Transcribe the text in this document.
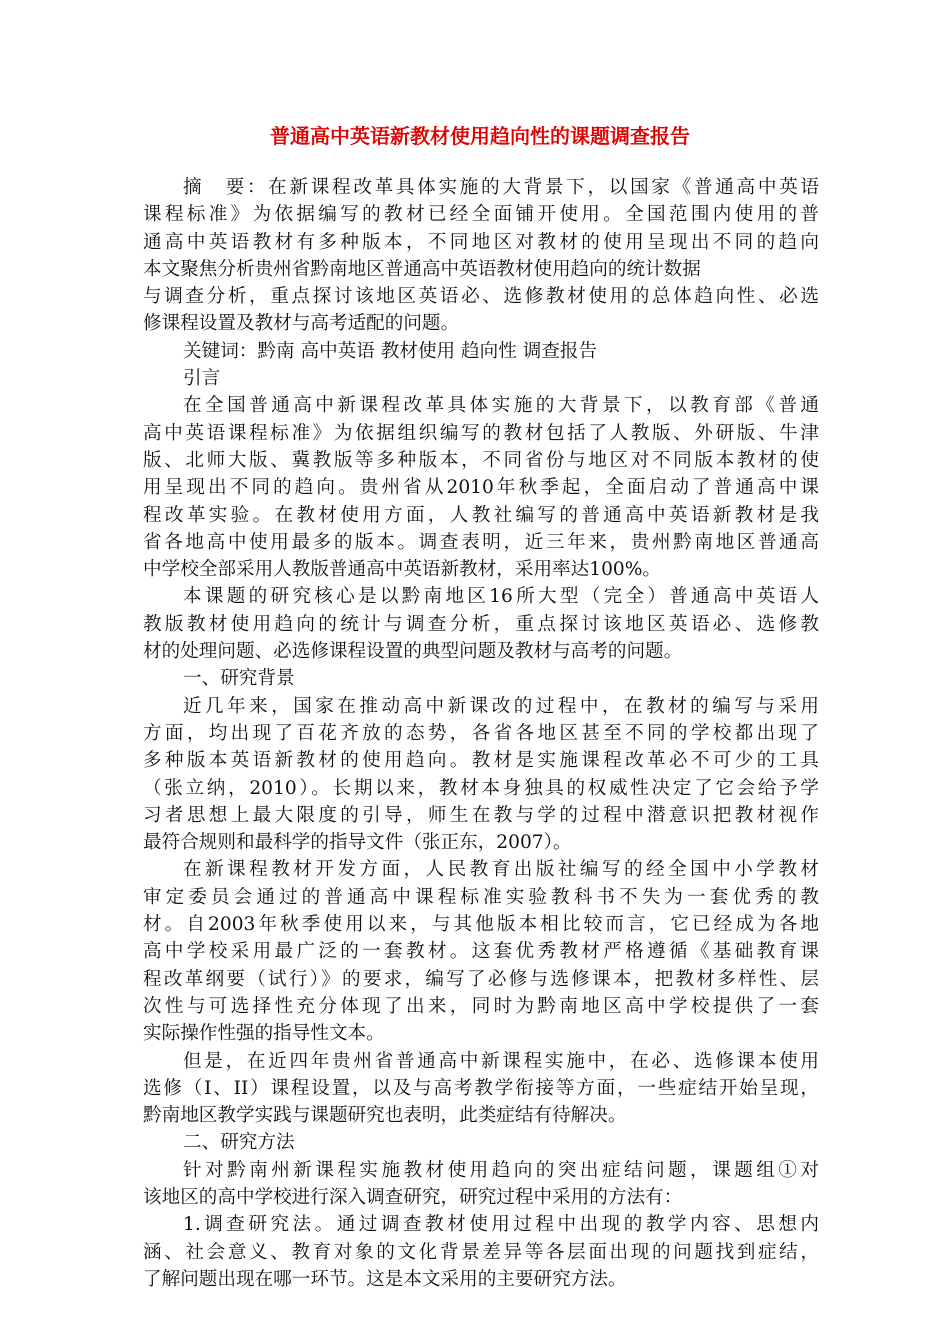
普通高中英语新教材使用趋向性的课题调查报告
摘　要：在新课程改革具体实施的大背景下，以国家《普通高中英语
课程标准》为依据编写的教材已经全面铺开使用。全国范围内使用的普
通高中英语教材有多种版本，不同地区对教材的使用呈现出不同的趋向
本文聚焦分析贵州省黔南地区普通高中英语教材使用趋向的统计数据
与调查分析，重点探讨该地区英语必、选修教材使用的总体趋向性、必选
修课程设置及教材与高考适配的问题。
关键词：黔南 高中英语 教材使用 趋向性 调查报告
引言
在全国普通高中新课程改革具体实施的大背景下，以教育部《普通
高中英语课程标准》为依据组织编写的教材包括了人教版、外研版、牛津
版、北师大版、冀教版等多种版本，不同省份与地区对不同版本教材的使
用呈现出不同的趋向。贵州省从2010年秋季起，全面启动了普通高中课
程改革实验。在教材使用方面，人教社编写的普通高中英语新教材是我
省各地高中使用最多的版本。调查表明，近三年来，贵州黔南地区普通高
中学校全部采用人教版普通高中英语新教材，采用率达100%。
本课题的研究核心是以黔南地区16所大型（完全）普通高中英语人
教版教材使用趋向的统计与调查分析，重点探讨该地区英语必、选修教
材的处理问题、必选修课程设置的典型问题及教材与高考的问题。
一、研究背景
近几年来，国家在推动高中新课改的过程中，在教材的编写与采用
方面，均出现了百花齐放的态势，各省各地区甚至不同的学校都出现了
多种版本英语新教材的使用趋向。教材是实施课程改革必不可少的工具
（张立纳，2010）。长期以来，教材本身独具的权威性决定了它会给予学
习者思想上最大限度的引导，师生在教与学的过程中潜意识把教材视作
最符合规则和最科学的指导文件（张正东，2007）。
在新课程教材开发方面，人民教育出版社编写的经全国中小学教材
审定委员会通过的普通高中课程标准实验教科书不失为一套优秀的教
材。自2003年秋季使用以来，与其他版本相比较而言，它已经成为各地
高中学校采用最广泛的一套教材。这套优秀教材严格遵循《基础教育课
程改革纲要（试行）》的要求，编写了必修与选修课本，把教材多样性、层
次性与可选择性充分体现了出来，同时为黔南地区高中学校提供了一套
实际操作性强的指导性文本。
但是，在近四年贵州省普通高中新课程实施中，在必、选修课本使用
选修（I、II）课程设置，以及与高考教学衔接等方面，一些症结开始呈现，
黔南地区教学实践与课题研究也表明，此类症结有待解决。
二、研究方法
针对黔南州新课程实施教材使用趋向的突出症结问题，课题组①对
该地区的高中学校进行深入调查研究，研究过程中采用的方法有：
1.调查研究法。通过调查教材使用过程中出现的教学内容、思想内
涵、社会意义、教育对象的文化背景差异等各层面出现的问题找到症结，
了解问题出现在哪一环节。这是本文采用的主要研究方法。
